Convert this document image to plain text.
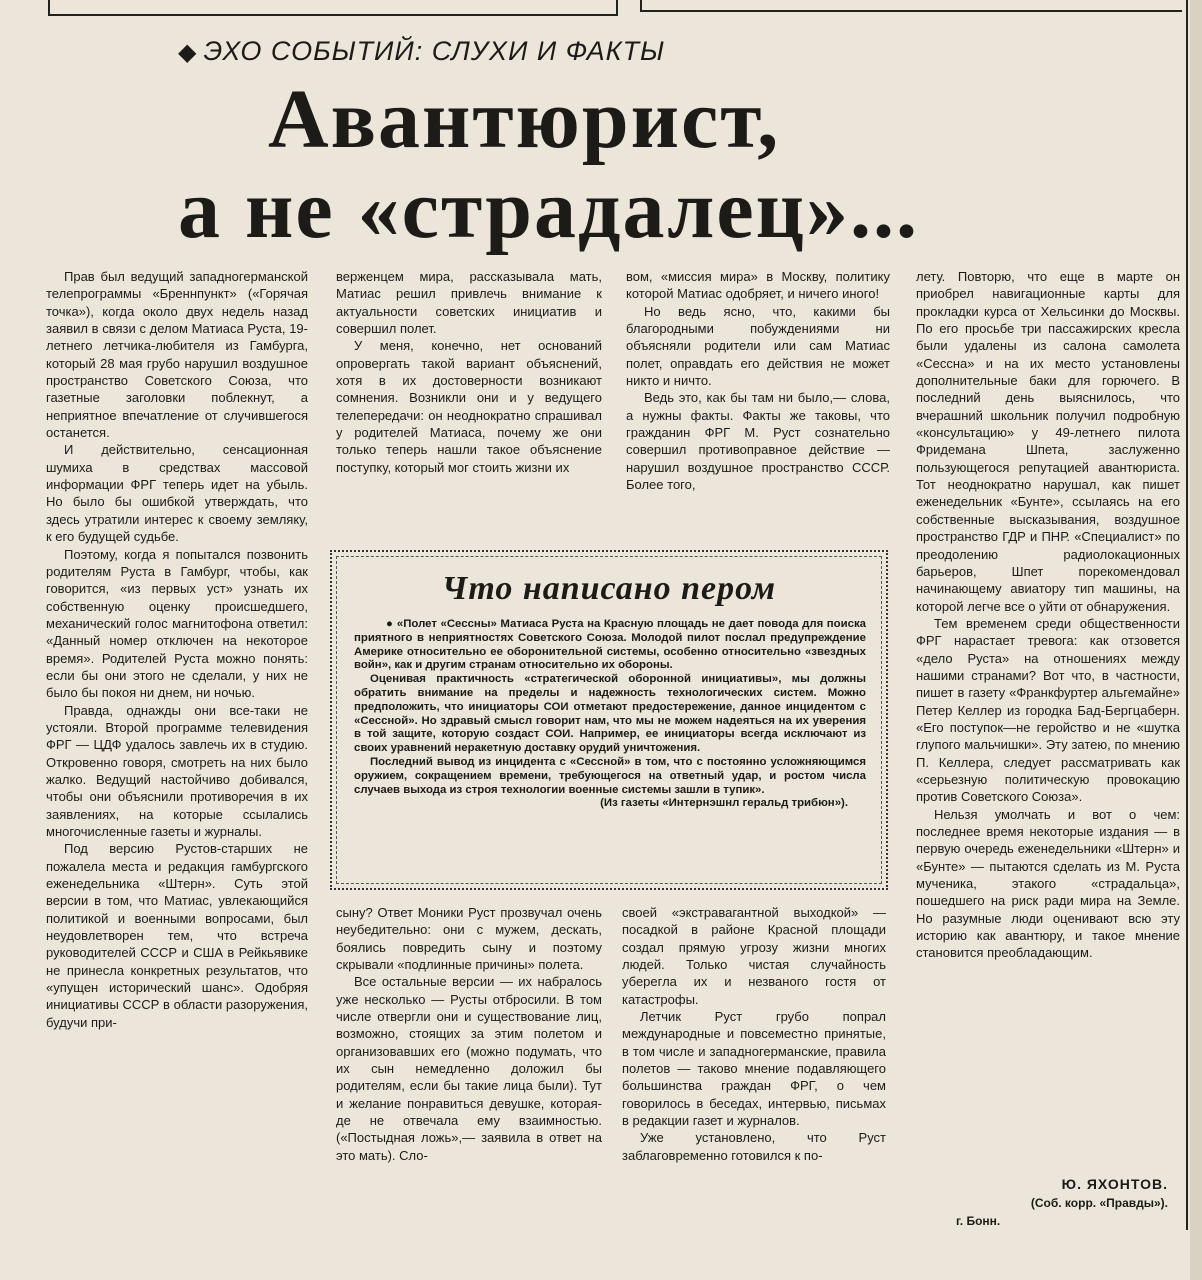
◆ ЭХО СОБЫТИЙ: СЛУХИ И ФАКТЫ
Авантюрист,
а не «страдалец»...

Прав был ведущий западногерманской телепрограммы «Бреннпункт» («Горячая точка»), когда около двух недель назад заявил в связи с делом Матиаса Руста, 19-летнего летчика-любителя из Гамбурга, который 28 мая грубо нарушил воздушное пространство Советского Союза, что газетные заголовки поблекнут, а неприятное впечатление от случившегося останется.

И действительно, сенсационная шумиха в средствах массовой информации ФРГ теперь идет на убыль. Но было бы ошибкой утверждать, что здесь утратили интерес к своему земляку, к его будущей судьбе.

Поэтому, когда я попытался позвонить родителям Руста в Гамбург, чтобы, как говорится, «из первых уст» узнать их собственную оценку происшедшего, механический голос магнитофона ответил: «Данный номер отключен на некоторое время». Родителей Руста можно понять: если бы они этого не сделали, у них не было бы покоя ни днем, ни ночью.

Правда, однажды они все-таки не устояли. Второй программе телевидения ФРГ — ЦДФ удалось завлечь их в студию. Откровенно говоря, смотреть на них было жалко. Ведущий настойчиво добивался, чтобы они объяснили противоречия в их заявлениях, на которые ссылались многочисленные газеты и журналы.

Под версию Рустов-старших не пожалела места и редакция гамбургского еженедельника «Штерн». Суть этой версии в том, что Матиас, увлекающийся политикой и военными вопросами, был неудовлетворен тем, что встреча руководителей СССР и США в Рейкьявике не принесла конкретных результатов, что «упущен исторический шанс». Одобряя инициативы СССР в области разоружения, будучи при-

верженцем мира, рассказывала мать, Матиас решил привлечь внимание к актуальности советских инициатив и совершил полет.

У меня, конечно, нет оснований опровергать такой вариант объяснений, хотя в их достоверности возникают сомнения. Возникли они и у ведущего телепередачи: он неоднократно спрашивал у родителей Матиаса, почему же они только теперь нашли такое объяснение поступку, который мог стоить жизни их

вом, «миссия мира» в Москву, политику которой Матиас одобряет, и ничего иного!

Но ведь ясно, что, какими бы благородными побуждениями ни объясняли родители или сам Матиас полет, оправдать его действия не может никто и ничто.

Ведь это, как бы там ни было,— слова, а нужны факты. Факты же таковы, что гражданин ФРГ М. Руст сознательно совершил противоправное действие — нарушил воздушное пространство СССР. Более того,

лету. Повторю, что еще в марте он приобрел навигационные карты для прокладки курса от Хельсинки до Москвы. По его просьбе три пассажирских кресла были удалены из салона самолета «Сессна» и на их место установлены дополнительные баки для горючего. В последний день выяснилось, что вчерашний школьник получил подробную «консультацию» у 49-летнего пилота Фридемана Шпета, заслуженно пользующегося репутацией авантюриста. Тот неоднократно нарушал, как пишет еженедельник «Бунте», ссылаясь на его собственные высказывания, воздушное пространство ГДР и ПНР. «Специалист» по преодолению радиолокационных барьеров, Шпет порекомендовал начинающему авиатору тип машины, на которой легче все о уйти от обнаружения.

Тем временем среди общественности ФРГ нарастает тревога: как отзовется «дело Руста» на отношениях между нашими странами? Вот что, в частности, пишет в газету «Франкфуртер альгемайне» Петер Келлер из городка Бад-Бергцаберн. «Его поступок—не геройство и не «шутка глупого мальчишки». Эту затею, по мнению П. Келлера, следует рассматривать как «серьезную политическую провокацию против Советского Союза».

Нельзя умолчать и вот о чем: последнее время некоторые издания — в первую очередь еженедельники «Штерн» и «Бунте» — пытаются сделать из М. Руста мученика, этакого «страдальца», пошедшего на риск ради мира на Земле. Но разумные люди оценивают всю эту историю как авантюру, и такое мнение становится преобладающим.

Что написано пером

● «Полет «Сессны» Матиаса Руста на Красную площадь не дает повода для поиска приятного в неприятностях Советского Союза. Молодой пилот послал предупреждение Америке относительно ее оборонительной системы, особенно относительно «звездных войн», как и другим странам относительно их обороны.

Оценивая практичность «стратегической оборонной инициативы», мы должны обратить внимание на пределы и надежность технологических систем. Можно предположить, что инициаторы СОИ отметают предостережение, данное инцидентом с «Сессной». Но здравый смысл говорит нам, что мы не можем надеяться на их уверения в той защите, которую создаст СОИ. Например, ее инициаторы всегда исключают из своих уравнений неракетную доставку орудий уничтожения.

Последний вывод из инцидента с «Сессной» в том, что с постоянно усложняющимся оружием, сокращением времени, требующегося на ответный удар, и ростом числа случаев выхода из строя технологии военные системы зашли в тупик».

(Из газеты «Интернэшнл геральд трибюн»).

сыну? Ответ Моники Руст прозвучал очень неубедительно: они с мужем, дескать, боялись повредить сыну и поэтому скрывали «подлинные причины» полета.

Все остальные версии — их набралось уже несколько — Русты отбросили. В том числе отвергли они и существование лиц, возможно, стоящих за этим полетом и организовавших его (можно подумать, что их сын немедленно доложил бы родителям, если бы такие лица были). Тут и желание понравиться девушке, которая-де не отвечала ему взаимностью. («Постыдная ложь»,— заявила в ответ на это мать). Сло-

своей «экстравагантной выходкой» — посадкой в районе Красной площади создал прямую угрозу жизни многих людей. Только чистая случайность уберегла их и незваного гостя от катастрофы.

Летчик Руст грубо попрал международные и повсеместно принятые, в том числе и западногерманские, правила полетов — таково мнение подавляющего большинства граждан ФРГ, о чем говорилось в беседах, интервью, письмах в редакции газет и журналов.

Уже установлено, что Руст заблаговременно готовился к по-

Ю. ЯХОНТОВ.
(Соб. корр. «Правды»).
г. Бонн.
